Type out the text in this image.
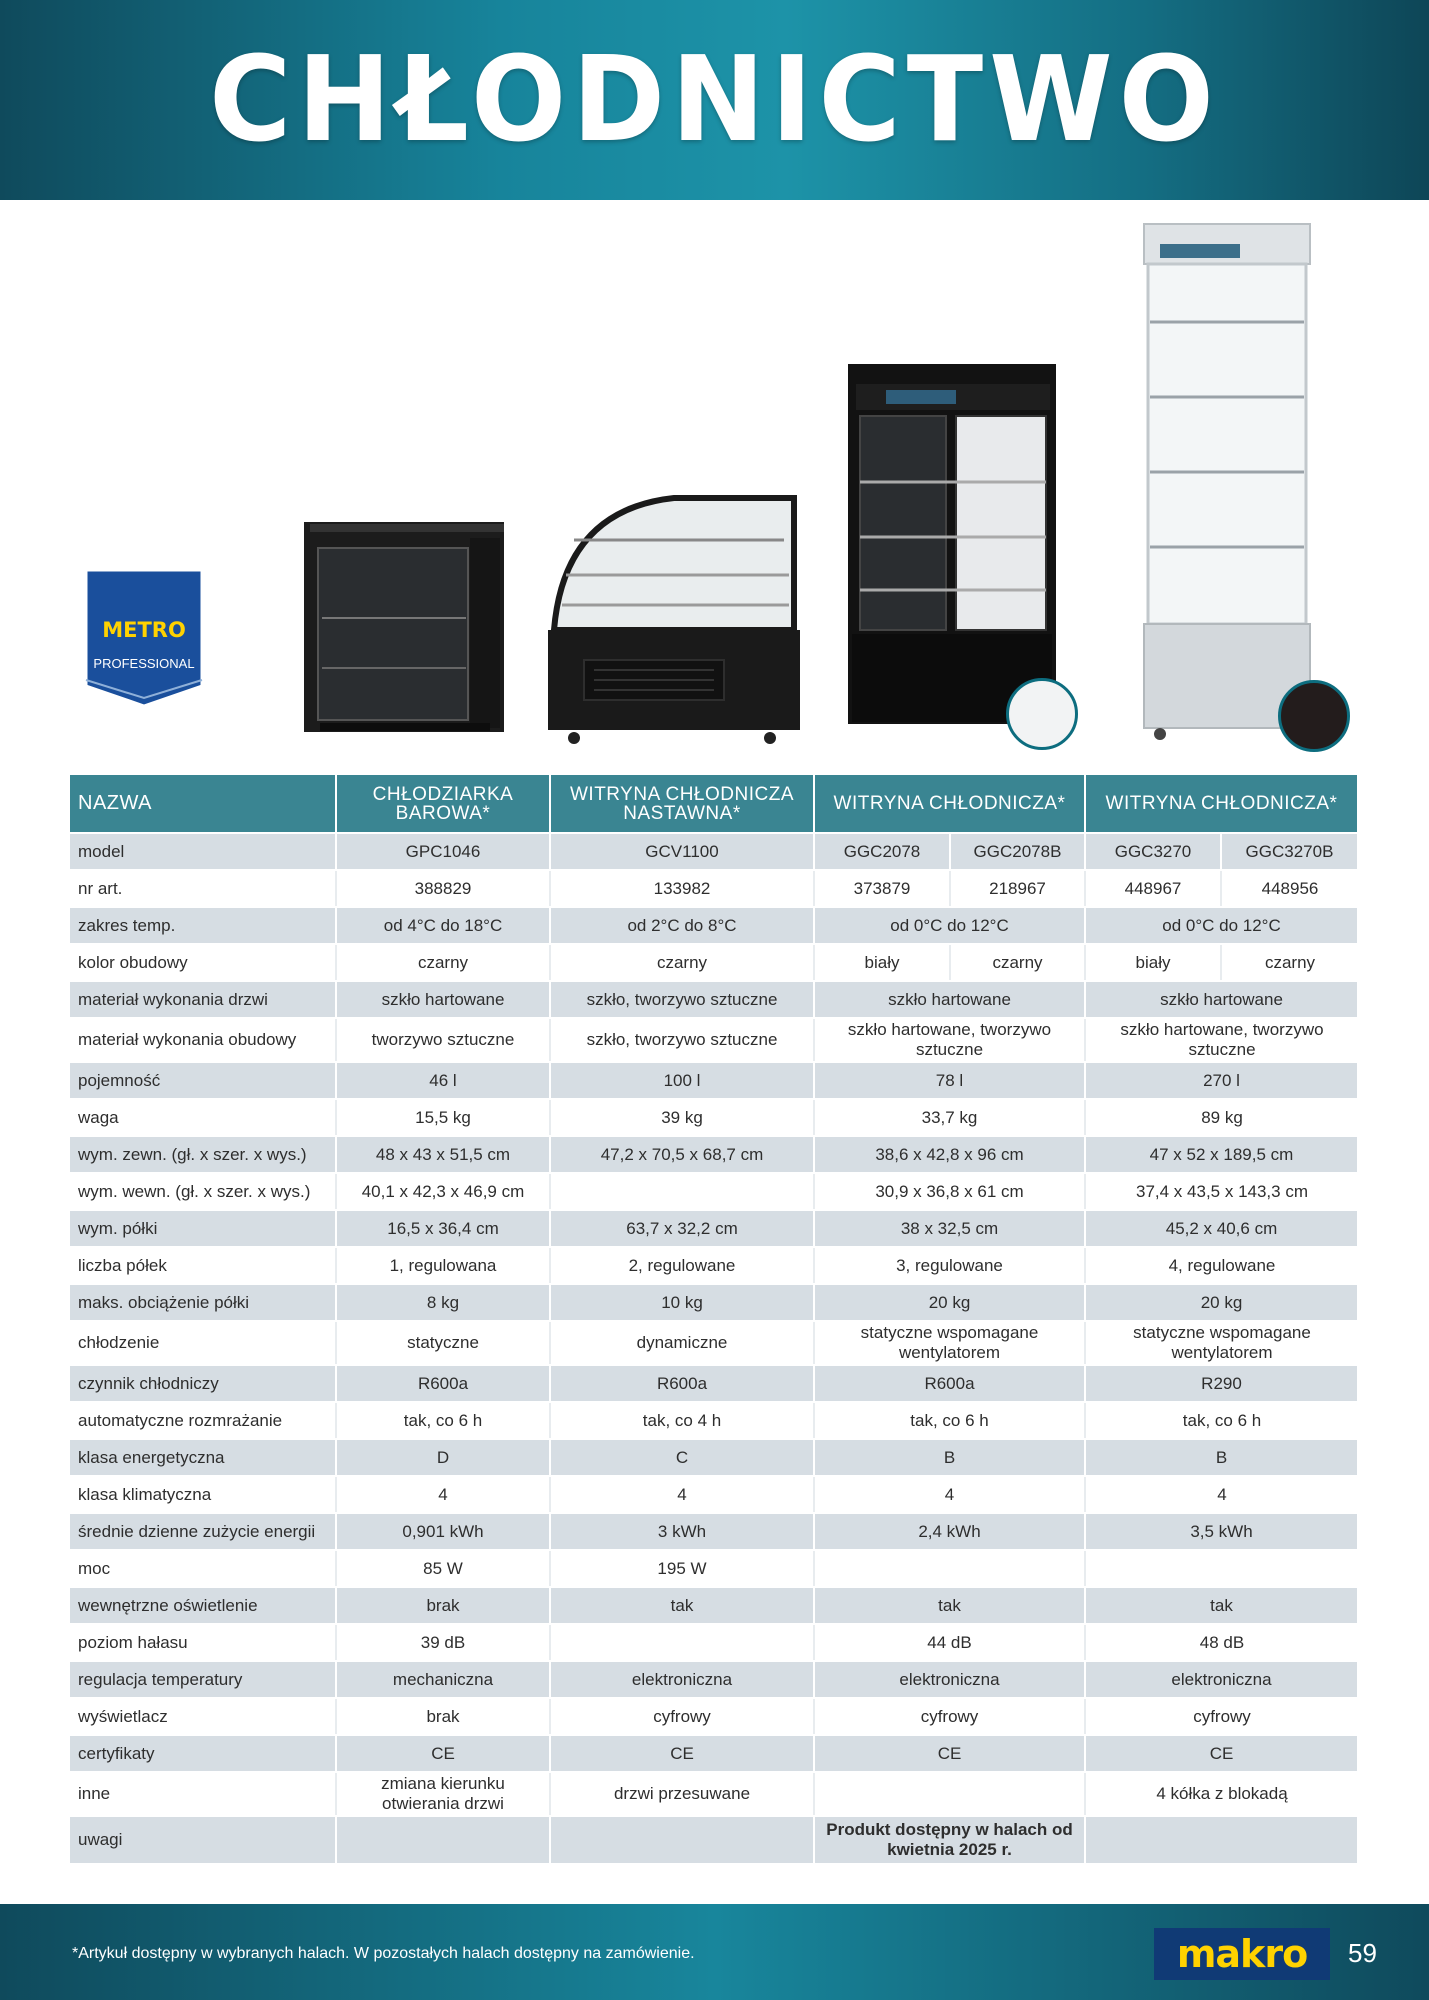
CHŁODNICTWO
METRO
PROFESSIONAL
NAZWA	CHŁODZIARKA BAROWA*	WITRYNA CHŁODNICZA NASTAWNA*	WITRYNA CHŁODNICZA*		WITRYNA CHŁODNICZA*	
model	GPC1046	GCV1100	GGC2078	GGC2078B	GGC3270	GGC3270B
nr art.	388829	133982	373879	218967	448967	448956
zakres temp.	od 4°C do 18°C	od 2°C do 8°C	od 0°C do 12°C		od 0°C do 12°C	
kolor obudowy	czarny	czarny	biały	czarny	biały	czarny
materiał wykonania drzwi	szkło hartowane	szkło, tworzywo sztuczne	szkło hartowane		szkło hartowane	
materiał wykonania obudowy	tworzywo sztuczne	szkło, tworzywo sztuczne	szkło hartowane, tworzywo sztuczne		szkło hartowane, tworzywo sztuczne	
pojemność	46 l	100 l	78 l		270 l	
waga	15,5 kg	39 kg	33,7 kg		89 kg	
wym. zewn. (gł. x szer. x wys.)	48 x 43 x 51,5 cm	47,2 x 70,5 x 68,7 cm	38,6 x 42,8 x 96 cm		47 x 52 x 189,5 cm	
wym. wewn. (gł. x szer. x wys.)	40,1 x 42,3 x 46,9 cm		30,9 x 36,8 x 61 cm		37,4 x 43,5 x 143,3 cm	
wym. półki	16,5 x 36,4 cm	63,7 x 32,2 cm	38 x 32,5 cm		45,2 x 40,6 cm	
liczba półek	1, regulowana	2, regulowane	3, regulowane		4, regulowane	
maks. obciążenie półki	8 kg	10 kg	20 kg		20 kg	
chłodzenie	statyczne	dynamiczne	statyczne wspomagane wentylatorem		statyczne wspomagane wentylatorem	
czynnik chłodniczy	R600a	R600a	R600a		R290	
automatyczne rozmrażanie	tak, co 6 h	tak, co 4 h	tak, co 6 h		tak, co 6 h	
klasa energetyczna	D	C	B		B	
klasa klimatyczna	4	4	4		4	
średnie dzienne zużycie energii	0,901 kWh	3 kWh	2,4 kWh		3,5 kWh	
moc	85 W	195 W				
wewnętrzne oświetlenie	brak	tak	tak		tak	
poziom hałasu	39 dB		44 dB		48 dB	
regulacja temperatury	mechaniczna	elektroniczna	elektroniczna		elektroniczna	
wyświetlacz	brak	cyfrowy	cyfrowy		cyfrowy	
certyfikaty	CE	CE	CE		CE	
inne	zmiana kierunku otwierania drzwi	drzwi przesuwane			4 kółka z blokadą	
uwagi			Produkt dostępny w halach od kwietnia 2025 r.			
*Artykuł dostępny w wybranych halach. W pozostałych halach dostępny na zamówienie.	makro 59
